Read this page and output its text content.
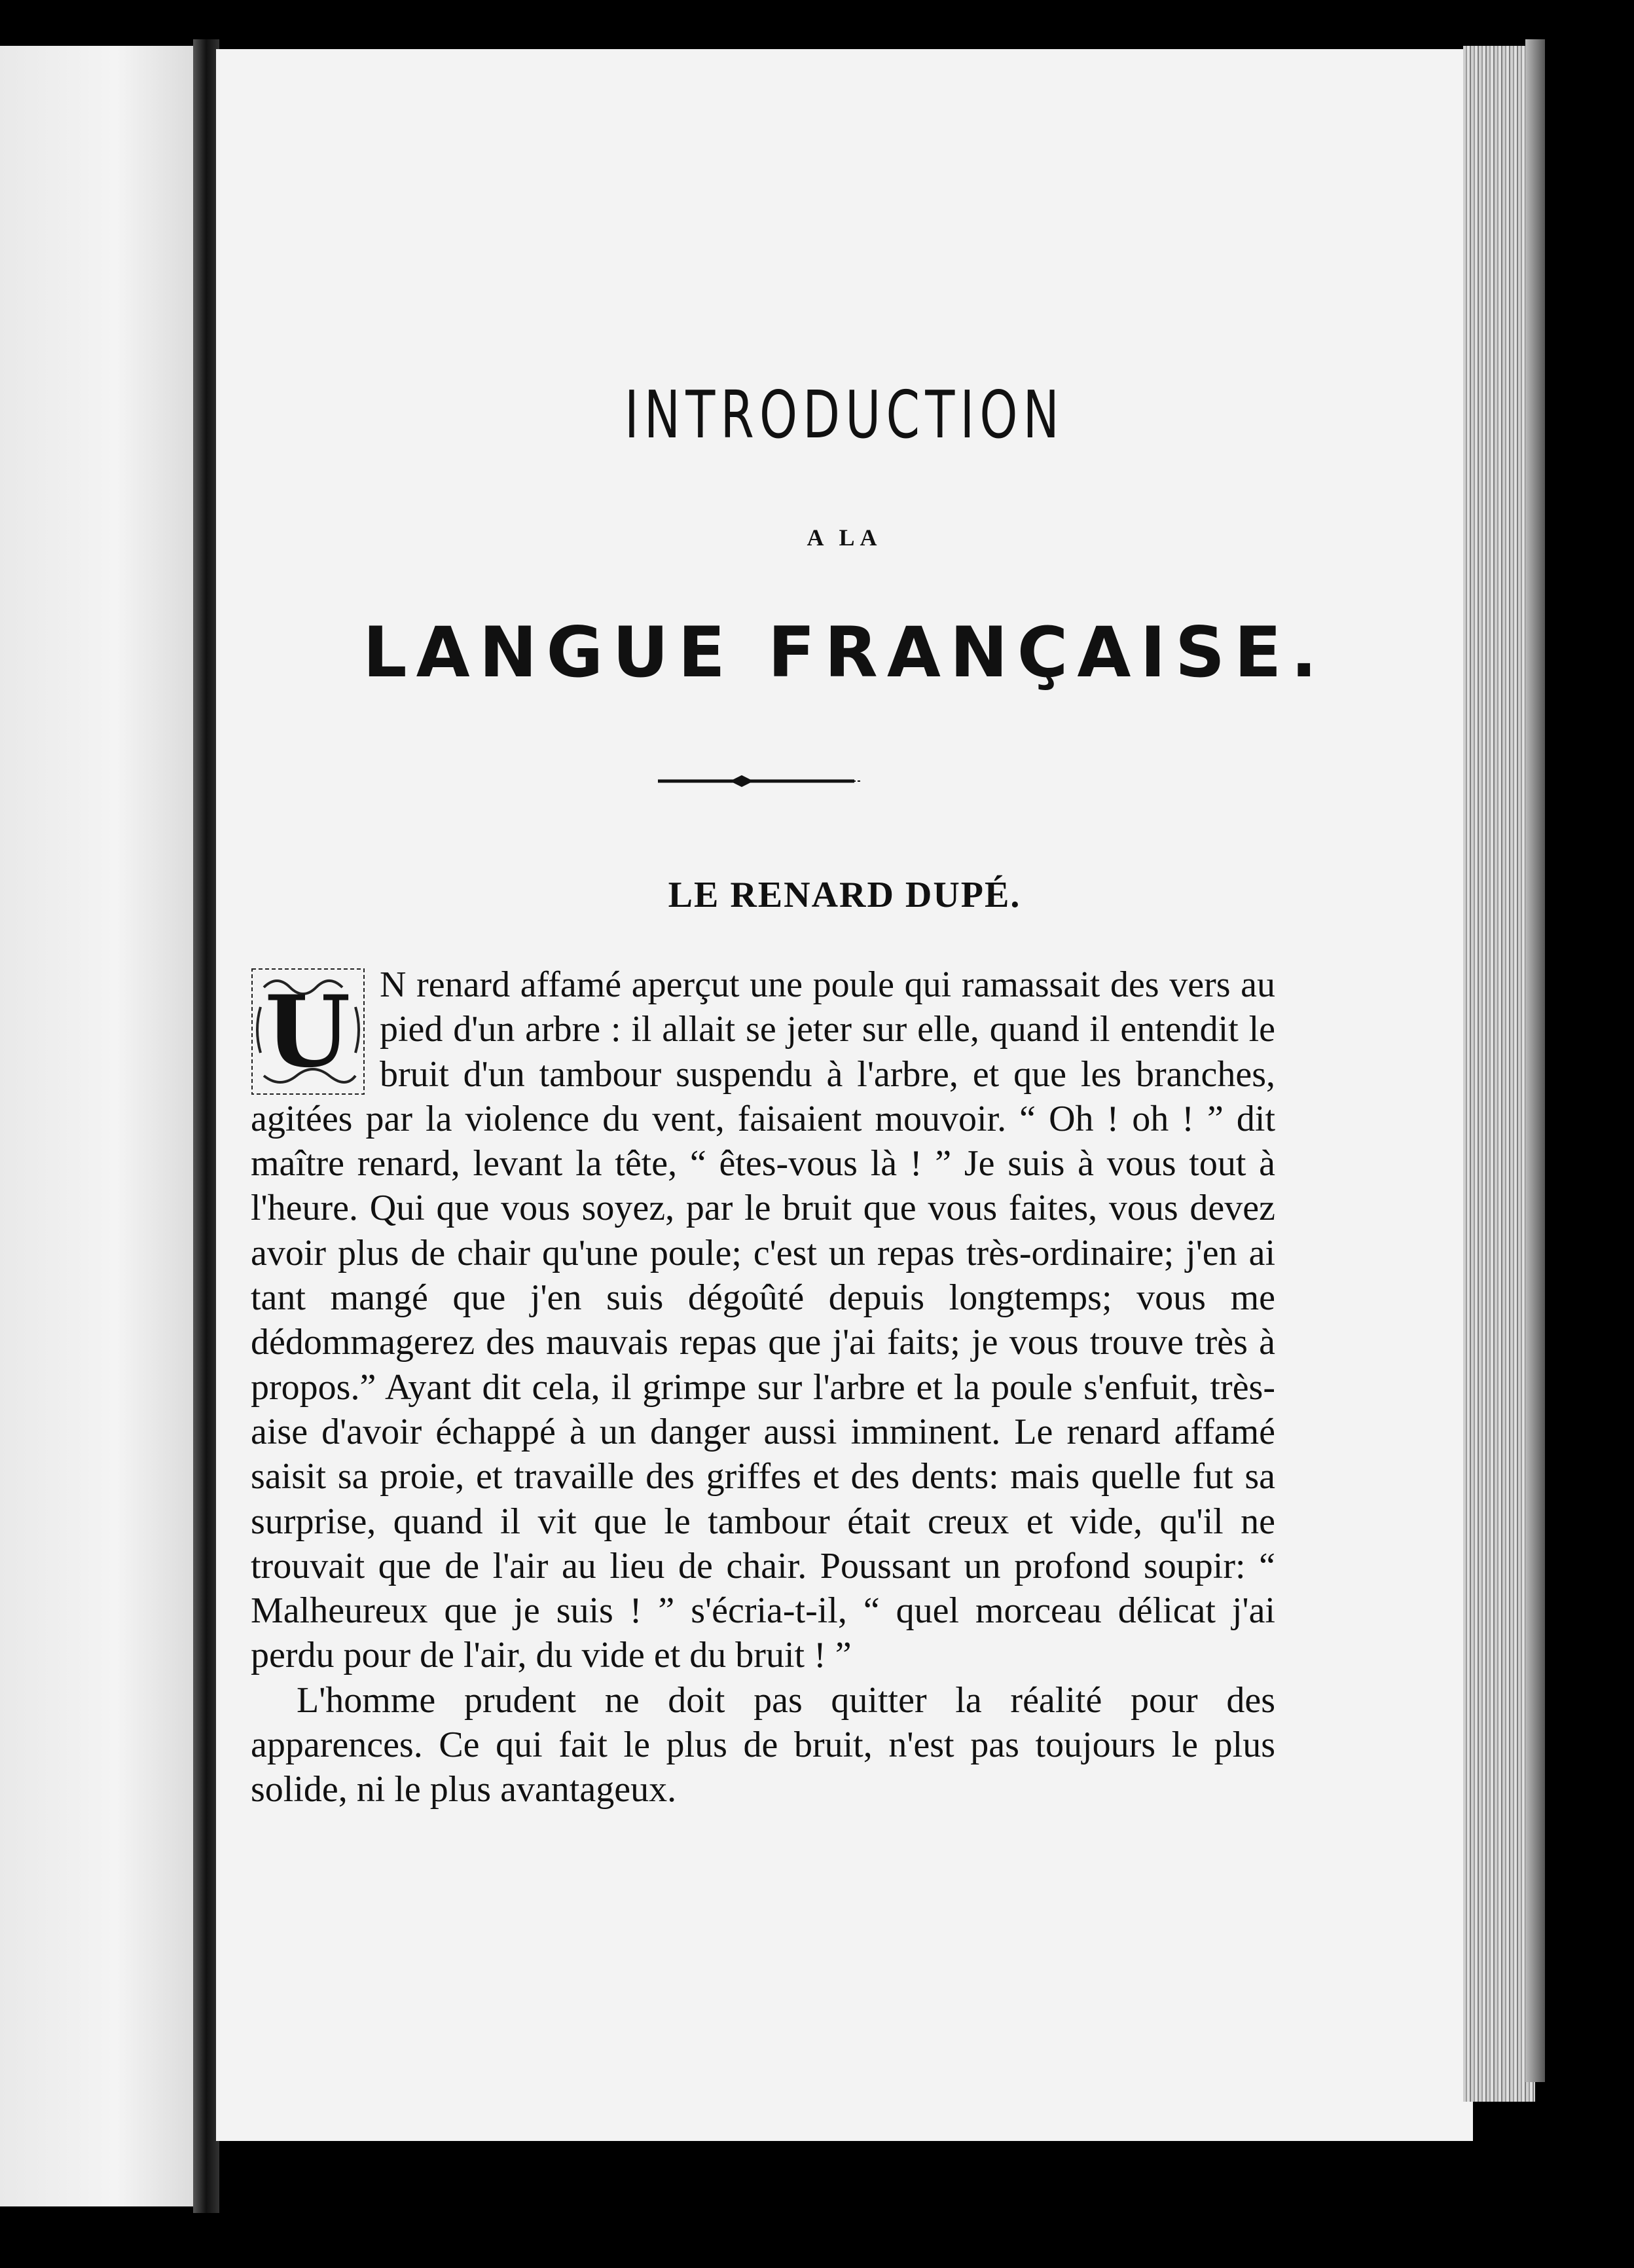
INTRODUCTION
A LA
LANGUE FRANÇAISE.
LE RENARD DUPÉ.
U N renard affamé aperçut une poule qui ramassait des vers au pied d'un arbre : il allait se jeter sur elle, quand il entendit le bruit d'un tambour suspendu à l'arbre, et que les branches, agitées par la violence du vent, faisaient mouvoir. “ Oh ! oh ! ” dit maître renard, levant la tête, “ êtes-vous là ! ” Je suis à vous tout à l'heure. Qui que vous soyez, par le bruit que vous faites, vous devez avoir plus de chair qu'une poule; c'est un repas très-ordinaire; j'en ai tant mangé que j'en suis dégoûté depuis longtemps; vous me dédommagerez des mauvais repas que j'ai faits; je vous trouve très à propos.” Ayant dit cela, il grimpe sur l'arbre et la poule s'enfuit, très-aise d'avoir échappé à un danger aussi imminent. Le renard affamé saisit sa proie, et travaille des griffes et des dents: mais quelle fut sa surprise, quand il vit que le tambour était creux et vide, qu'il ne trouvait que de l'air au lieu de chair. Poussant un profond soupir: “ Malheureux que je suis ! ” s'écria-t-il, “ quel morceau délicat j'ai perdu pour de l'air, du vide et du bruit ! ”

L'homme prudent ne doit pas quitter la réalité pour des apparences. Ce qui fait le plus de bruit, n'est pas toujours le plus solide, ni le plus avantageux.
